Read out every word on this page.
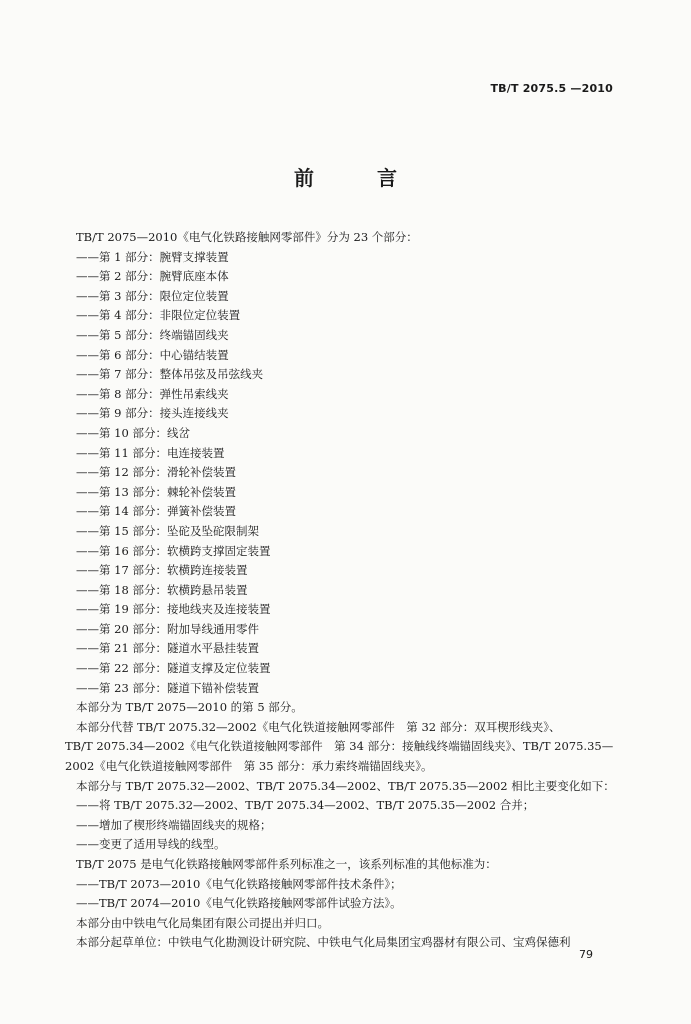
TB/T 2075.5 —2010
前 言

TB/T 2075—2010《电气化铁路接触网零部件》分为 23 个部分：

——第 1 部分：腕臂支撑装置

——第 2 部分：腕臂底座本体

——第 3 部分：限位定位装置

——第 4 部分：非限位定位装置

——第 5 部分：终端锚固线夹

——第 6 部分：中心锚结装置

——第 7 部分：整体吊弦及吊弦线夹

——第 8 部分：弹性吊索线夹

——第 9 部分：接头连接线夹

——第 10 部分：线岔

——第 11 部分：电连接装置

——第 12 部分：滑轮补偿装置

——第 13 部分：棘轮补偿装置

——第 14 部分：弹簧补偿装置

——第 15 部分：坠砣及坠砣限制架

——第 16 部分：软横跨支撑固定装置

——第 17 部分：软横跨连接装置

——第 18 部分：软横跨悬吊装置

——第 19 部分：接地线夹及连接装置

——第 20 部分：附加导线通用零件

——第 21 部分：隧道水平悬挂装置

——第 22 部分：隧道支撑及定位装置

——第 23 部分：隧道下锚补偿装置

本部分为 TB/T 2075—2010 的第 5 部分。

本部分代替 TB/T 2075.32—2002《电气化铁道接触网零部件　第 32 部分：双耳楔形线夹》、

TB/T 2075.34—2002《电气化铁道接触网零部件　第 34 部分：接触线终端锚固线夹》、TB/T 2075.35—

2002《电气化铁道接触网零部件　第 35 部分：承力索终端锚固线夹》。

本部分与 TB/T 2075.32—2002、TB/T 2075.34—2002、TB/T 2075.35—2002 相比主要变化如下：

——将 TB/T 2075.32—2002、TB/T 2075.34—2002、TB/T 2075.35—2002 合并；

——增加了楔形终端锚固线夹的规格；

——变更了适用导线的线型。

TB/T 2075 是电气化铁路接触网零部件系列标准之一，该系列标准的其他标准为：

——TB/T 2073—2010《电气化铁路接触网零部件技术条件》；

——TB/T 2074—2010《电气化铁路接触网零部件试验方法》。

本部分由中铁电气化局集团有限公司提出并归口。

本部分起草单位：中铁电气化勘测设计研究院、中铁电气化局集团宝鸡器材有限公司、宝鸡保德利

79
